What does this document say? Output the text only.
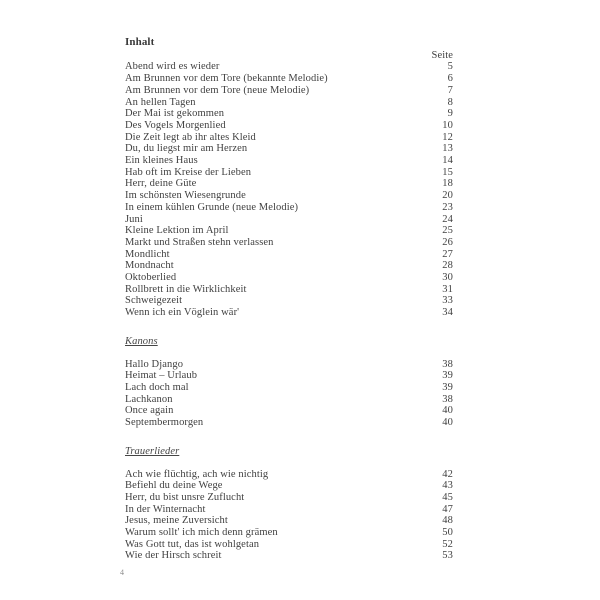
Inhalt
Seite
Abend wird es wieder	5
Am Brunnen vor dem Tore (bekannte Melodie)	6
Am Brunnen vor dem Tore (neue Melodie)	7
An hellen Tagen	8
Der Mai ist gekommen	9
Des Vogels Morgenlied	10
Die Zeit legt ab ihr altes Kleid	12
Du, du liegst mir am Herzen	13
Ein kleines Haus	14
Hab oft im Kreise der Lieben	15
Herr, deine Güte	18
Im schönsten Wiesengrunde	20
In einem kühlen Grunde (neue Melodie)	23
Juni	24
Kleine Lektion im April	25
Markt und Straßen stehn verlassen	26
Mondlicht	27
Mondnacht	28
Oktoberlied	30
Rollbrett in die Wirklichkeit	31
Schweigezeit	33
Wenn ich ein Vöglein wär'	34
Kanons
Hallo Django	38
Heimat – Urlaub	39
Lach doch mal	39
Lachkanon	38
Once again	40
Septembermorgen	40
Trauerlieder
Ach wie flüchtig, ach wie nichtig	42
Befiehl du deine Wege	43
Herr, du bist unsre Zuflucht	45
In der Winternacht	47
Jesus, meine Zuversicht	48
Warum sollt' ich mich denn grämen	50
Was Gott tut, das ist wohlgetan	52
Wie der Hirsch schreit	53
4
